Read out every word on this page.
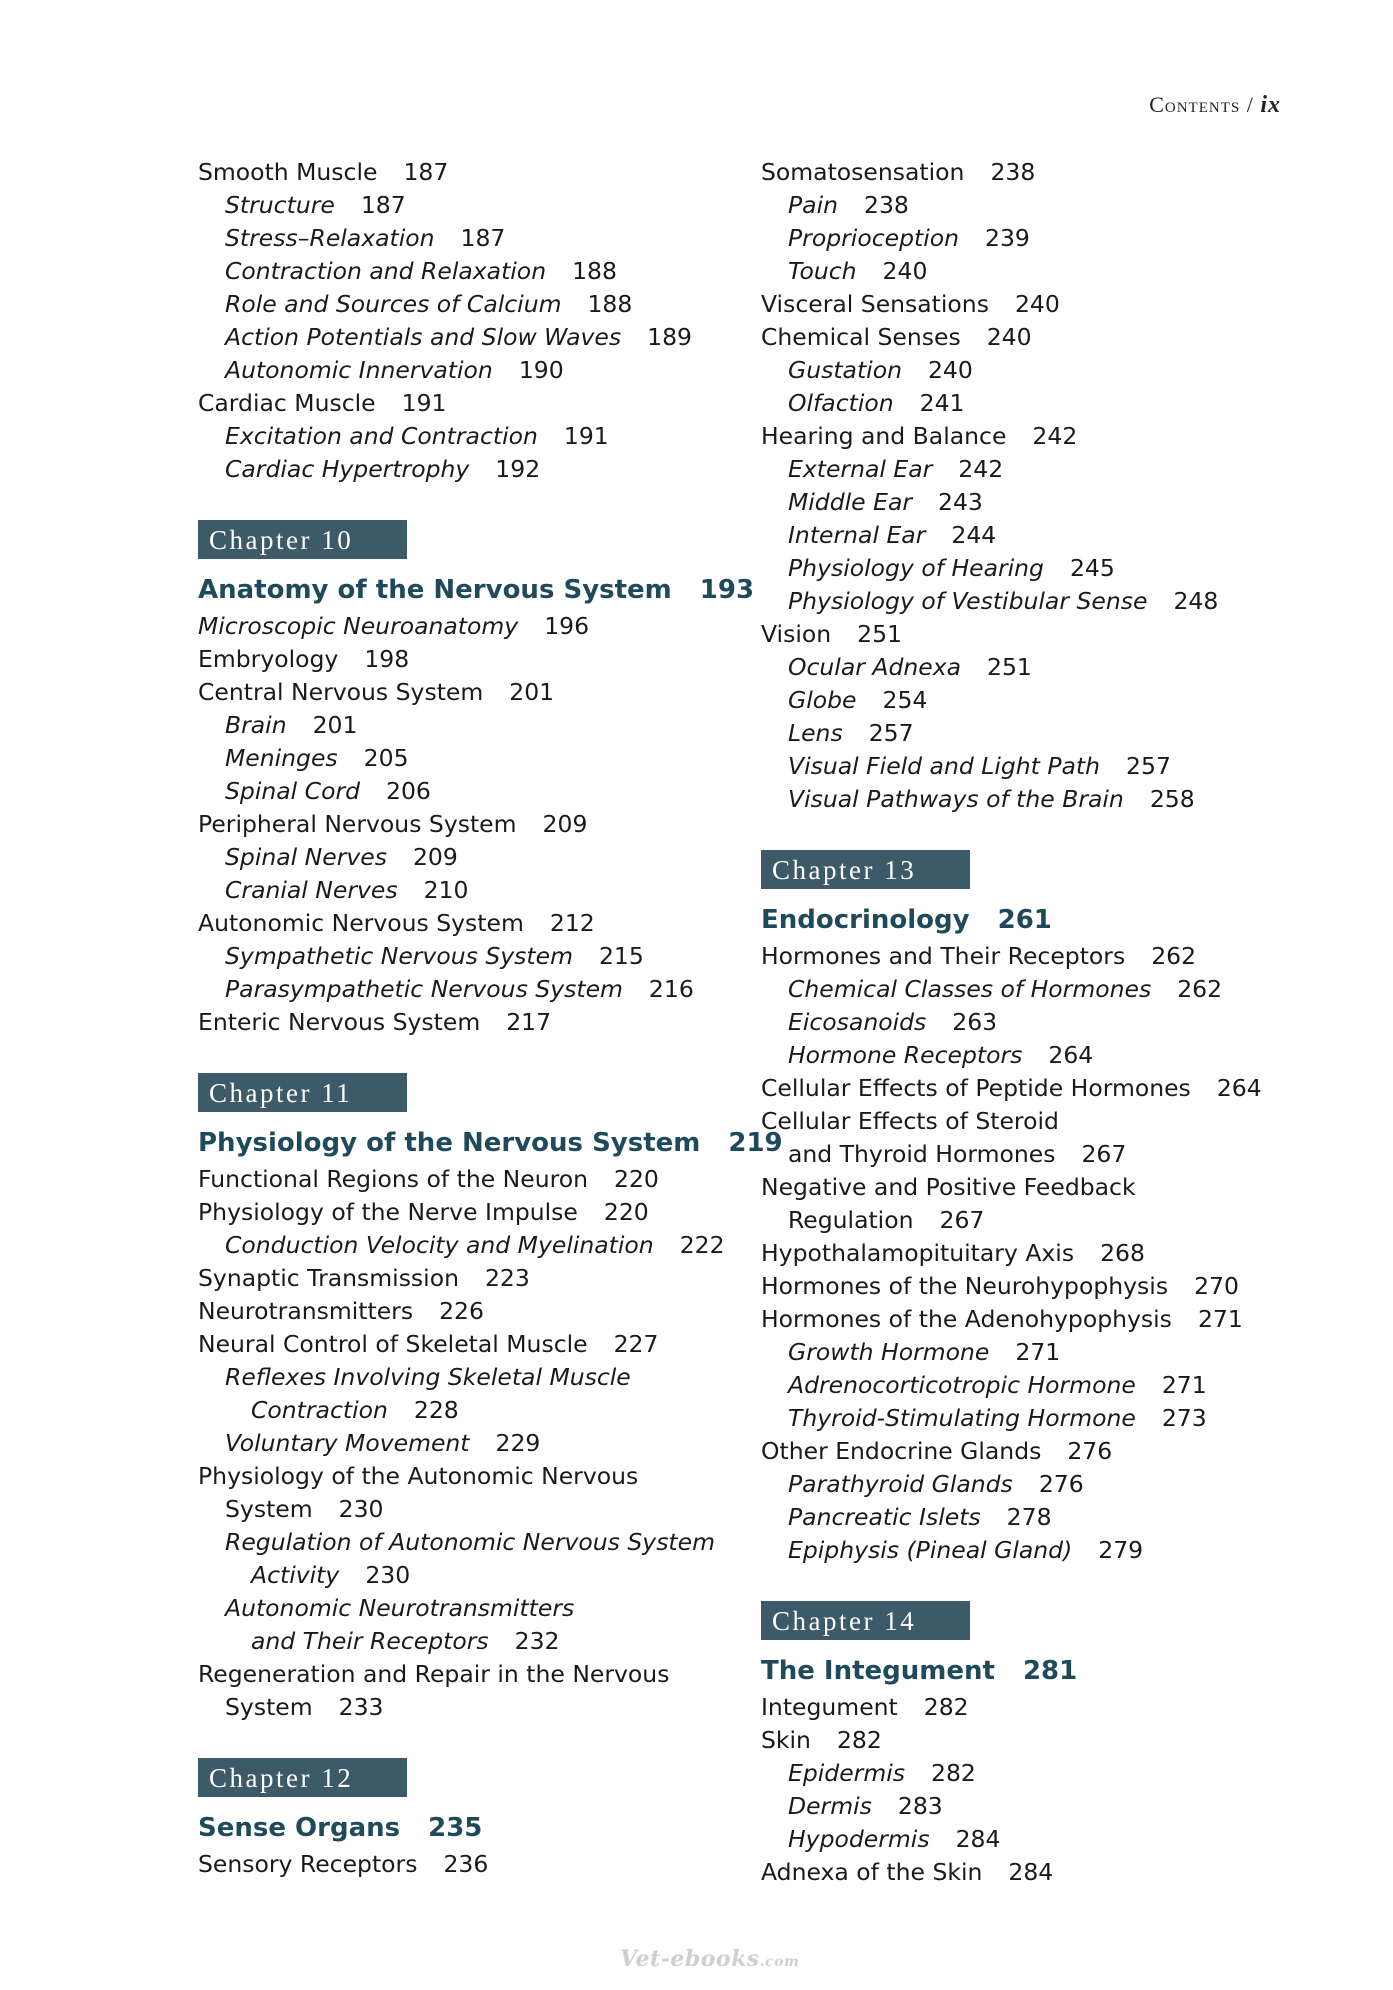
Contents / ix
Smooth Muscle 187
Structure 187
Stress–Relaxation 187
Contraction and Relaxation 188
Role and Sources of Calcium 188
Action Potentials and Slow Waves 189
Autonomic Innervation 190
Cardiac Muscle 191
Excitation and Contraction 191
Cardiac Hypertrophy 192
Chapter 10
Anatomy of the Nervous System 193
Microscopic Neuroanatomy 196
Embryology 198
Central Nervous System 201
Brain 201
Meninges 205
Spinal Cord 206
Peripheral Nervous System 209
Spinal Nerves 209
Cranial Nerves 210
Autonomic Nervous System 212
Sympathetic Nervous System 215
Parasympathetic Nervous System 216
Enteric Nervous System 217
Chapter 11
Physiology of the Nervous System 219
Functional Regions of the Neuron 220
Physiology of the Nerve Impulse 220
Conduction Velocity and Myelination 222
Synaptic Transmission 223
Neurotransmitters 226
Neural Control of Skeletal Muscle 227
Reflexes Involving Skeletal Muscle
Contraction 228
Voluntary Movement 229
Physiology of the Autonomic Nervous
System 230
Regulation of Autonomic Nervous System
Activity 230
Autonomic Neurotransmitters
and Their Receptors 232
Regeneration and Repair in the Nervous
System 233
Chapter 12
Sense Organs 235
Sensory Receptors 236
Somatosensation 238
Pain 238
Proprioception 239
Touch 240
Visceral Sensations 240
Chemical Senses 240
Gustation 240
Olfaction 241
Hearing and Balance 242
External Ear 242
Middle Ear 243
Internal Ear 244
Physiology of Hearing 245
Physiology of Vestibular Sense 248
Vision 251
Ocular Adnexa 251
Globe 254
Lens 257
Visual Field and Light Path 257
Visual Pathways of the Brain 258
Chapter 13
Endocrinology 261
Hormones and Their Receptors 262
Chemical Classes of Hormones 262
Eicosanoids 263
Hormone Receptors 264
Cellular Effects of Peptide Hormones 264
Cellular Effects of Steroid
and Thyroid Hormones 267
Negative and Positive Feedback
Regulation 267
Hypothalamopituitary Axis 268
Hormones of the Neurohypophysis 270
Hormones of the Adenohypophysis 271
Growth Hormone 271
Adrenocorticotropic Hormone 271
Thyroid-Stimulating Hormone 273
Other Endocrine Glands 276
Parathyroid Glands 276
Pancreatic Islets 278
Epiphysis (Pineal Gland) 279
Chapter 14
The Integument 281
Integument 282
Skin 282
Epidermis 282
Dermis 283
Hypodermis 284
Adnexa of the Skin 284
Vet-ebooks.com
